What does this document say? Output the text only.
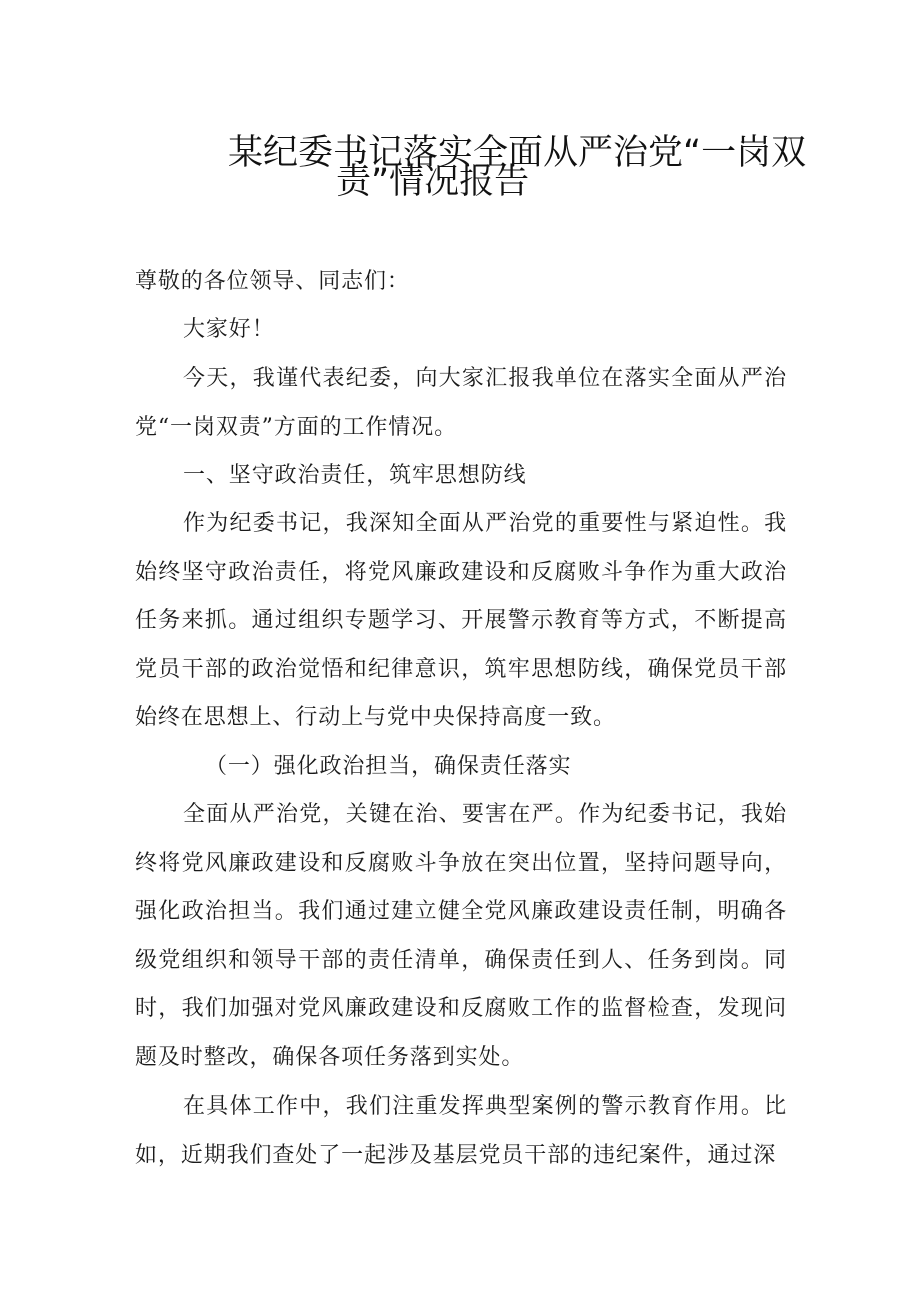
某纪委书记落实全面从严治党“一岗双
责”情况报告

尊敬的各位领导、同志们：

大家好！

今天，我谨代表纪委，向大家汇报我单位在落实全面从严治党“一岗双责”方面的工作情况。

一、坚守政治责任，筑牢思想防线

作为纪委书记，我深知全面从严治党的重要性与紧迫性。我始终坚守政治责任，将党风廉政建设和反腐败斗争作为重大政治任务来抓。通过组织专题学习、开展警示教育等方式，不断提高党员干部的政治觉悟和纪律意识，筑牢思想防线，确保党员干部始终在思想上、行动上与党中央保持高度一致。

（一）强化政治担当，确保责任落实

全面从严治党，关键在治、要害在严。作为纪委书记，我始终将党风廉政建设和反腐败斗争放在突出位置，坚持问题导向，强化政治担当。我们通过建立健全党风廉政建设责任制，明确各级党组织和领导干部的责任清单，确保责任到人、任务到岗。同时，我们加强对党风廉政建设和反腐败工作的监督检查，发现问题及时整改，确保各项任务落到实处。

在具体工作中，我们注重发挥典型案例的警示教育作用。比如，近期我们查处了一起涉及基层党员干部的违纪案件，通过深
